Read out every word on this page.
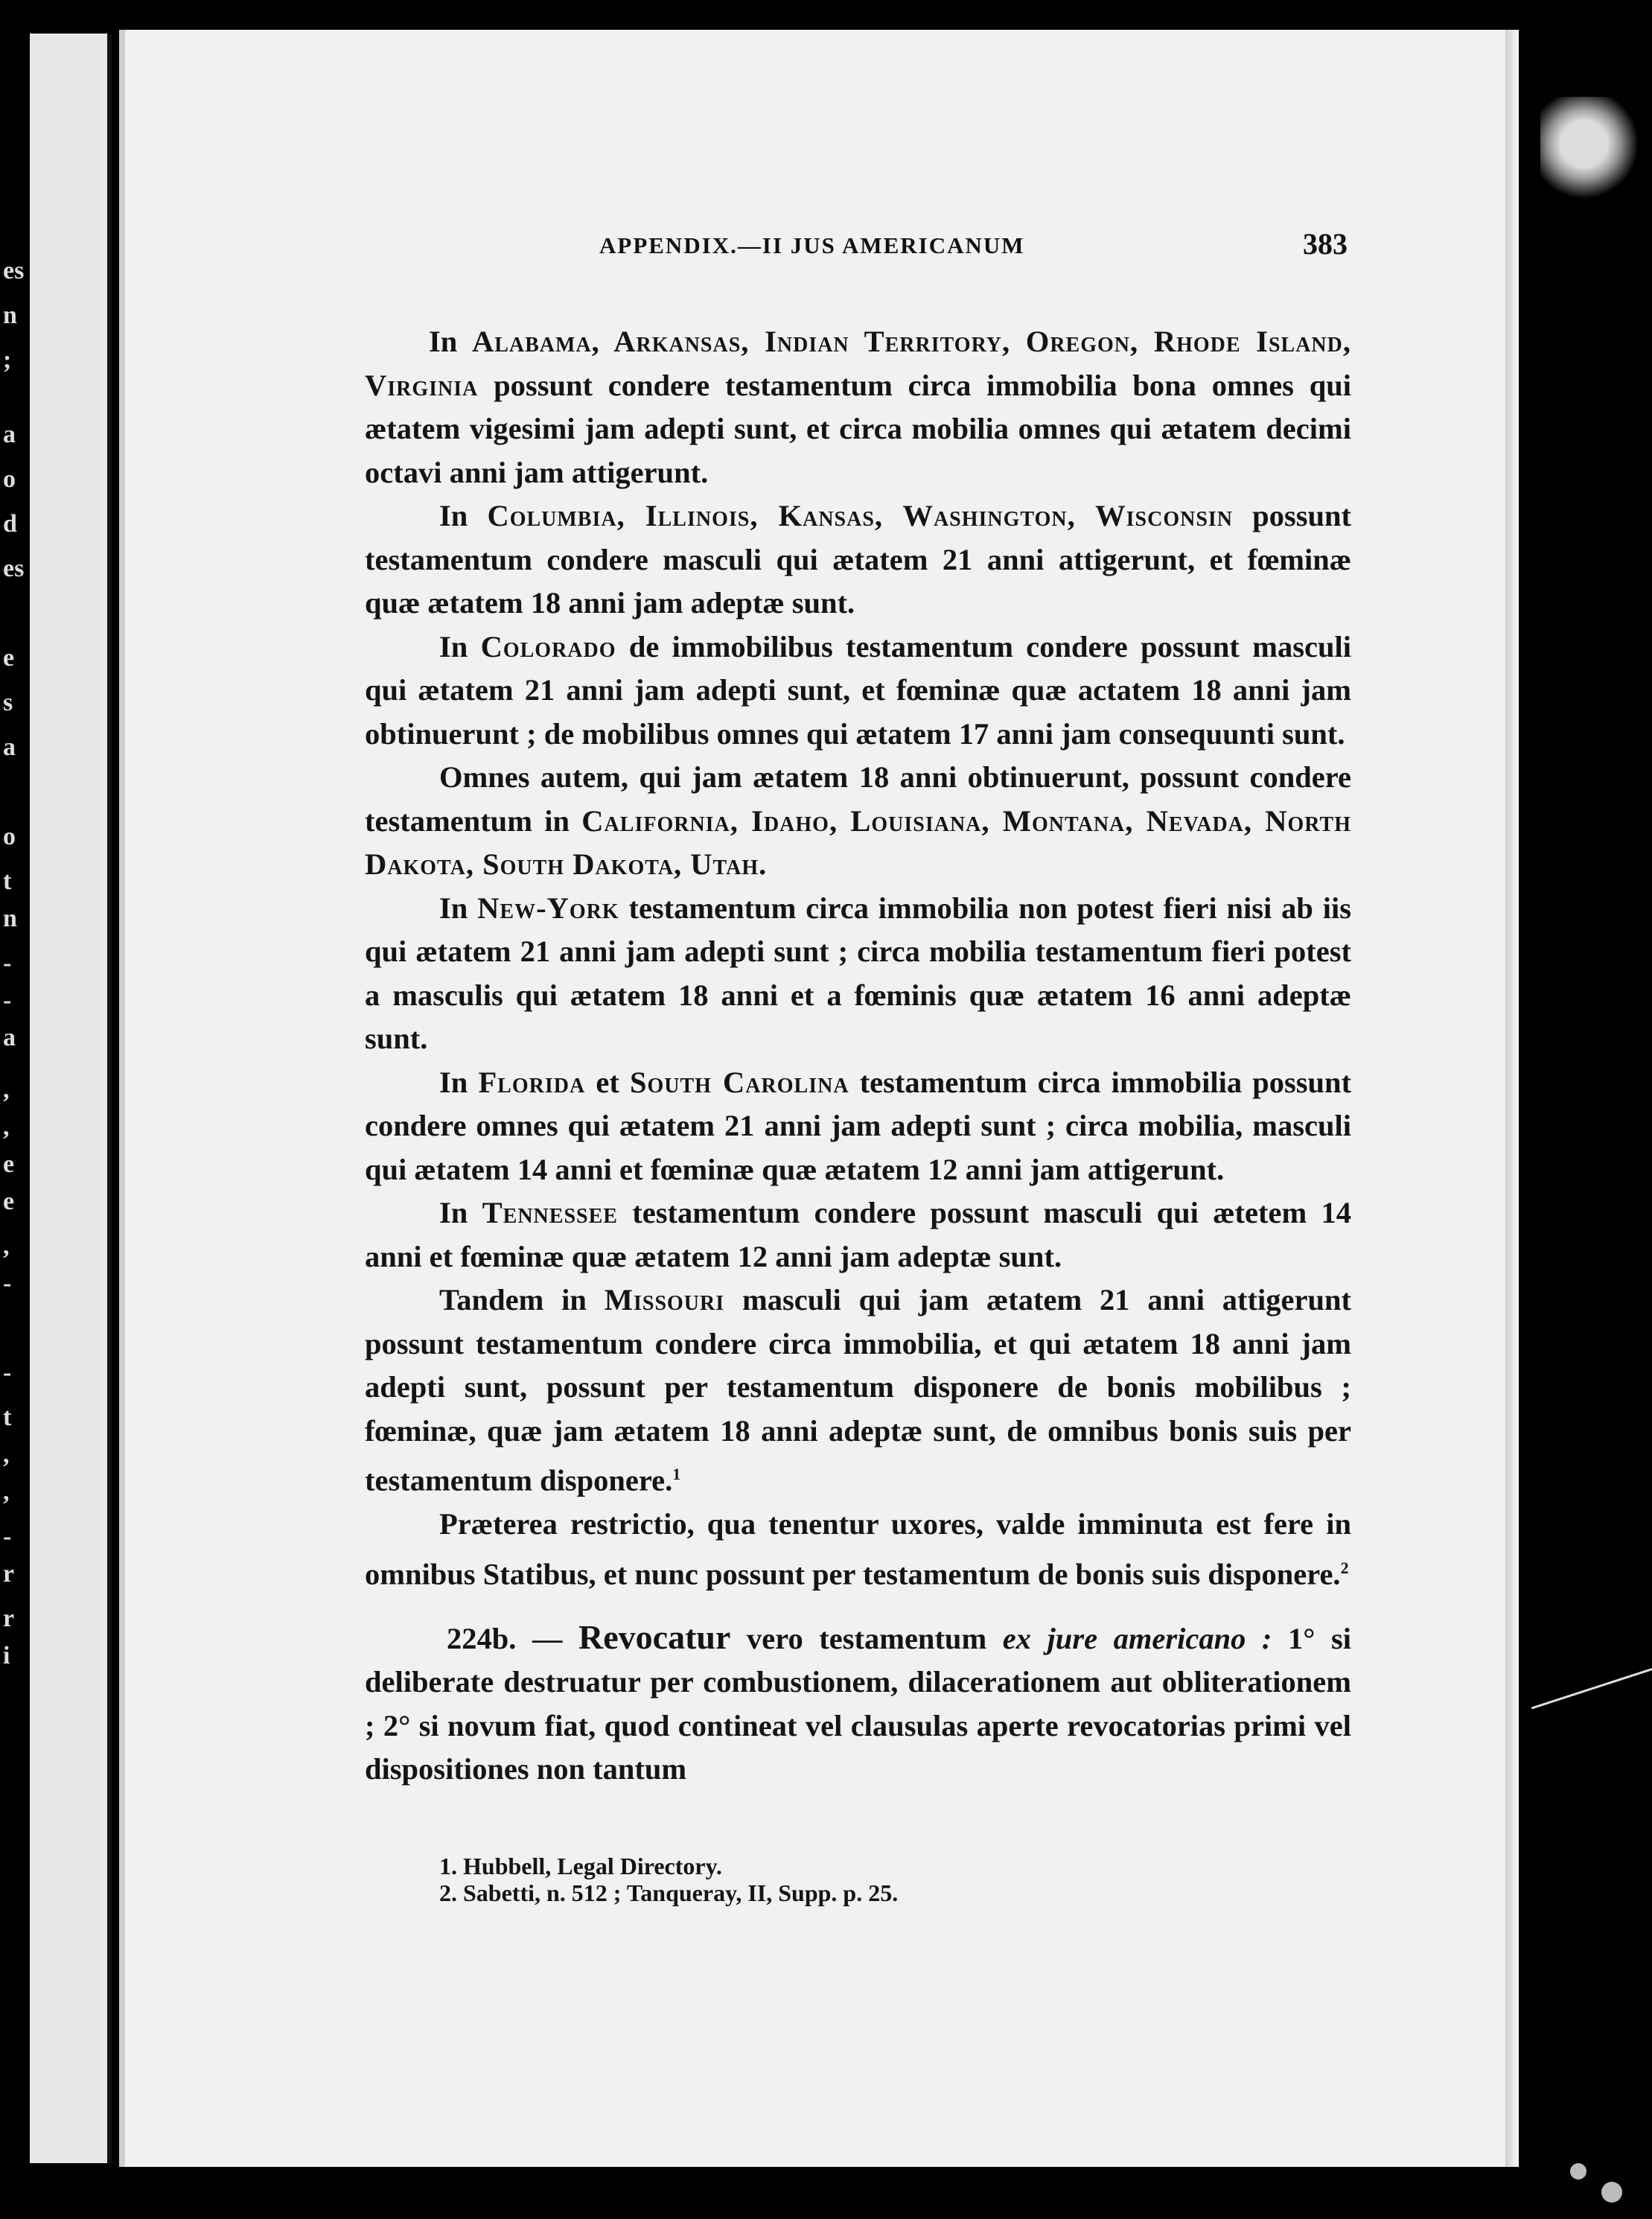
es
n
;
a
o
d
es
e
s
a
o
t
n
-
-
a
,
,
e
e
,
-
-
t
,
,
-
r
r
i
APPENDIX.—II JUS AMERICANUM	383

In Alabama, Arkansas, Indian Territory, Oregon, Rhode Island, Virginia possunt condere testamentum circa immobilia bona omnes qui ætatem vigesimi jam adepti sunt, et circa mobilia omnes qui ætatem decimi octavi anni jam attigerunt.

In Columbia, Illinois, Kansas, Washington, Wisconsin possunt testamentum condere masculi qui ætatem 21 anni attigerunt, et fœminæ quæ ætatem 18 anni jam adeptæ sunt.

In Colorado de immobilibus testamentum condere possunt masculi qui ætatem 21 anni jam adepti sunt, et fœminæ quæ actatem 18 anni jam obtinuerunt ; de mobilibus omnes qui ætatem 17 anni jam consequunti sunt.

Omnes autem, qui jam ætatem 18 anni obtinuerunt, possunt condere testamentum in California, Idaho, Louisiana, Montana, Nevada, North Dakota, South Dakota, Utah.

In New-York testamentum circa immobilia non potest fieri nisi ab iis qui ætatem 21 anni jam adepti sunt ; circa mobilia testamentum fieri potest a masculis qui ætatem 18 anni et a fœminis quæ ætatem 16 anni adeptæ sunt.

In Florida et South Carolina testamentum circa immobilia possunt condere omnes qui ætatem 21 anni jam adepti sunt ; circa mobilia, masculi qui ætatem 14 anni et fœminæ quæ ætatem 12 anni jam attigerunt.

In Tennessee testamentum condere possunt masculi qui ætetem 14 anni et fœminæ quæ ætatem 12 anni jam adeptæ sunt.

Tandem in Missouri masculi qui jam ætatem 21 anni attigerunt possunt testamentum condere circa immobilia, et qui ætatem 18 anni jam adepti sunt, possunt per testamentum disponere de bonis mobilibus ; fœminæ, quæ jam ætatem 18 anni adeptæ sunt, de omnibus bonis suis per testamentum disponere.$^1$

Præterea restrictio, qua tenentur uxores, valde imminuta est fere in omnibus Statibus, et nunc possunt per testamentum de bonis suis disponere.$^2$

224b. — Revocatur vero testamentum ex jure americano : 1° si deliberate destruatur per combustionem, dilacerationem aut obliterationem ; 2° si novum fiat, quod contineat vel clausulas aperte revocatorias primi vel dispositiones non tantum

1. Hubbell, Legal Directory.

2. Sabetti, n. 512 ; Tanqueray, II, Supp. p. 25.
